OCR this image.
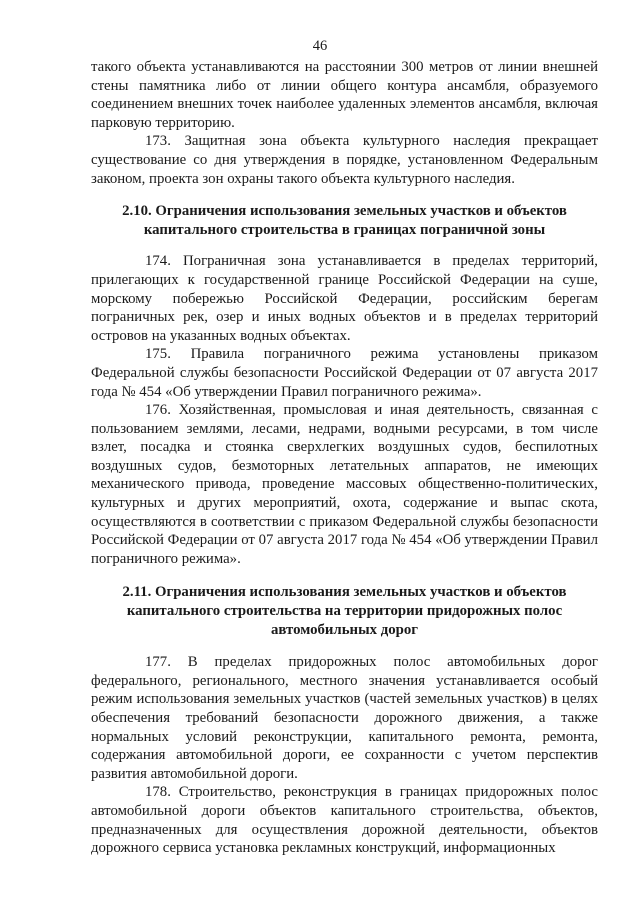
46

такого объекта устанавливаются на расстоянии 300 метров от линии внешней стены памятника либо от линии общего контура ансамбля, образуемого соединением внешних точек наиболее удаленных элементов ансамбля, включая парковую территорию.

173. Защитная зона объекта культурного наследия прекращает существование со дня утверждения в порядке, установленном Федеральным законом, проекта зон охраны такого объекта культурного наследия.

2.10. Ограничения использования земельных участков и объектов капитального строительства в границах пограничной зоны

174. Пограничная зона устанавливается в пределах территорий, прилегающих к государственной границе Российской Федерации на суше, морскому побережью Российской Федерации, российским берегам пограничных рек, озер и иных водных объектов и в пределах территорий островов на указанных водных объектах.

175. Правила пограничного режима установлены приказом Федеральной службы безопасности Российской Федерации от 07 августа 2017 года № 454 «Об утверждении Правил пограничного режима».

176. Хозяйственная, промысловая и иная деятельность, связанная с пользованием землями, лесами, недрами, водными ресурсами, в том числе взлет, посадка и стоянка сверхлегких воздушных судов, беспилотных воздушных судов, безмоторных летательных аппаратов, не имеющих механического привода, проведение массовых общественно-политических, культурных и других мероприятий, охота, содержание и выпас скота, осуществляются в соответствии с приказом Федеральной службы безопасности Российской Федерации от 07 августа 2017 года № 454 «Об утверждении Правил пограничного режима».

2.11. Ограничения использования земельных участков и объектов капитального строительства на территории придорожных полос автомобильных дорог

177. В пределах придорожных полос автомобильных дорог федерального, регионального, местного значения устанавливается особый режим использования земельных участков (частей земельных участков) в целях обеспечения требований безопасности дорожного движения, а также нормальных условий реконструкции, капитального ремонта, ремонта, содержания автомобильной дороги, ее сохранности с учетом перспектив развития автомобильной дороги.

178. Строительство, реконструкция в границах придорожных полос автомобильной дороги объектов капитального строительства, объектов, предназначенных для осуществления дорожной деятельности, объектов дорожного сервиса установка рекламных конструкций, информационных
